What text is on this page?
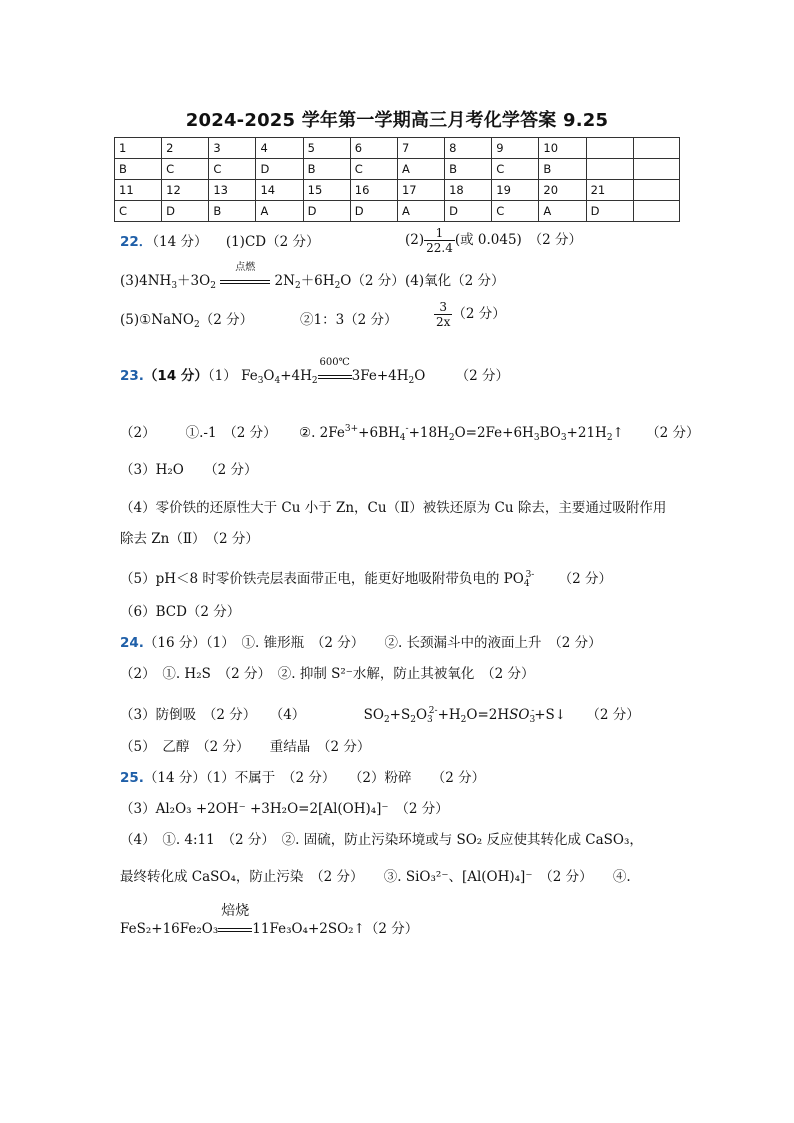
2024-2025 学年第一学期高三月考化学答案 9.25
1	2	3	4	5	6	7	8	9	10		
B	C	C	D	B	C	A	B	C	B		
11	12	13	14	15	16	17	18	19	20	21	
C	D	B	A	D	D	A	D	C	A	D	
22．（14 分） (1)CD（2 分）	$(2) \frac{1}{22.4}$ (或 0.045)　（2 分）
$(3)4NH_3+3O_2$
点燃
$2N_2+6H_2O(2$ 分） (4)氧化（2 分）
(5)①NaNO$_2$（2 分）	②1：3（2 分）	$\frac{3}{2x} (2$ 分）
23.（14 分）（1） $Fe_3O_4+4H_2$
600℃
$3Fe+4H_2O$ （2 分）
（2） ①.-1　（2 分） ②. $2Fe^{3+}+6BH_4^-+18H_2O=2Fe+6H_3BO_3+21H_2↑$ （2 分）
（3）H₂O　　（2 分）
（4）零价铁的还原性大于 Cu 小于 Zn，Cu（Ⅱ）被铁还原为 Cu 除去，主要通过吸附作用
除去 Zn（Ⅱ）　（2 分）
（5）pH＜8 时零价铁壳层表面带正电，能更好地吸附带负电的 $PO_4^{3-}$ （2 分）
（6）BCD（2 分）
24.（16 分）（1）　①. 锥形瓶　（2 分）　　②. 长颈漏斗中的液面上升　（2 分）
（2）　①. H₂S　（2 分）　②. 抑制 S²⁻水解，防止其被氧化　（2 分）
（3）防倒吸　（2 分）　　（4）	$SO_2+S_2O_3^{2-}+H_2O=2HSO_3^-+S↓$ （2 分）
（5）　乙醇　（2 分）　　重结晶　（2 分）
25.（14 分）（1）不属于　（2 分）　　（2）粉碎　　（2 分）
（3）Al₂O₃ +2OH⁻ +3H₂O=2[Al(OH)₄]⁻　（2 分）
（4）　①. 4:11　（2 分）　②. 固硫，防止污染环境或与 SO₂ 反应使其转化成 CaSO₃，
最终转化成 CaSO₄，防止污染　（2 分）　　③. SiO₃²⁻、[Al(OH)₄]⁻　（2 分）　　④.
FeS₂+16Fe₂O₃
焙烧
11Fe₃O₄+2SO₂↑（2 分）
